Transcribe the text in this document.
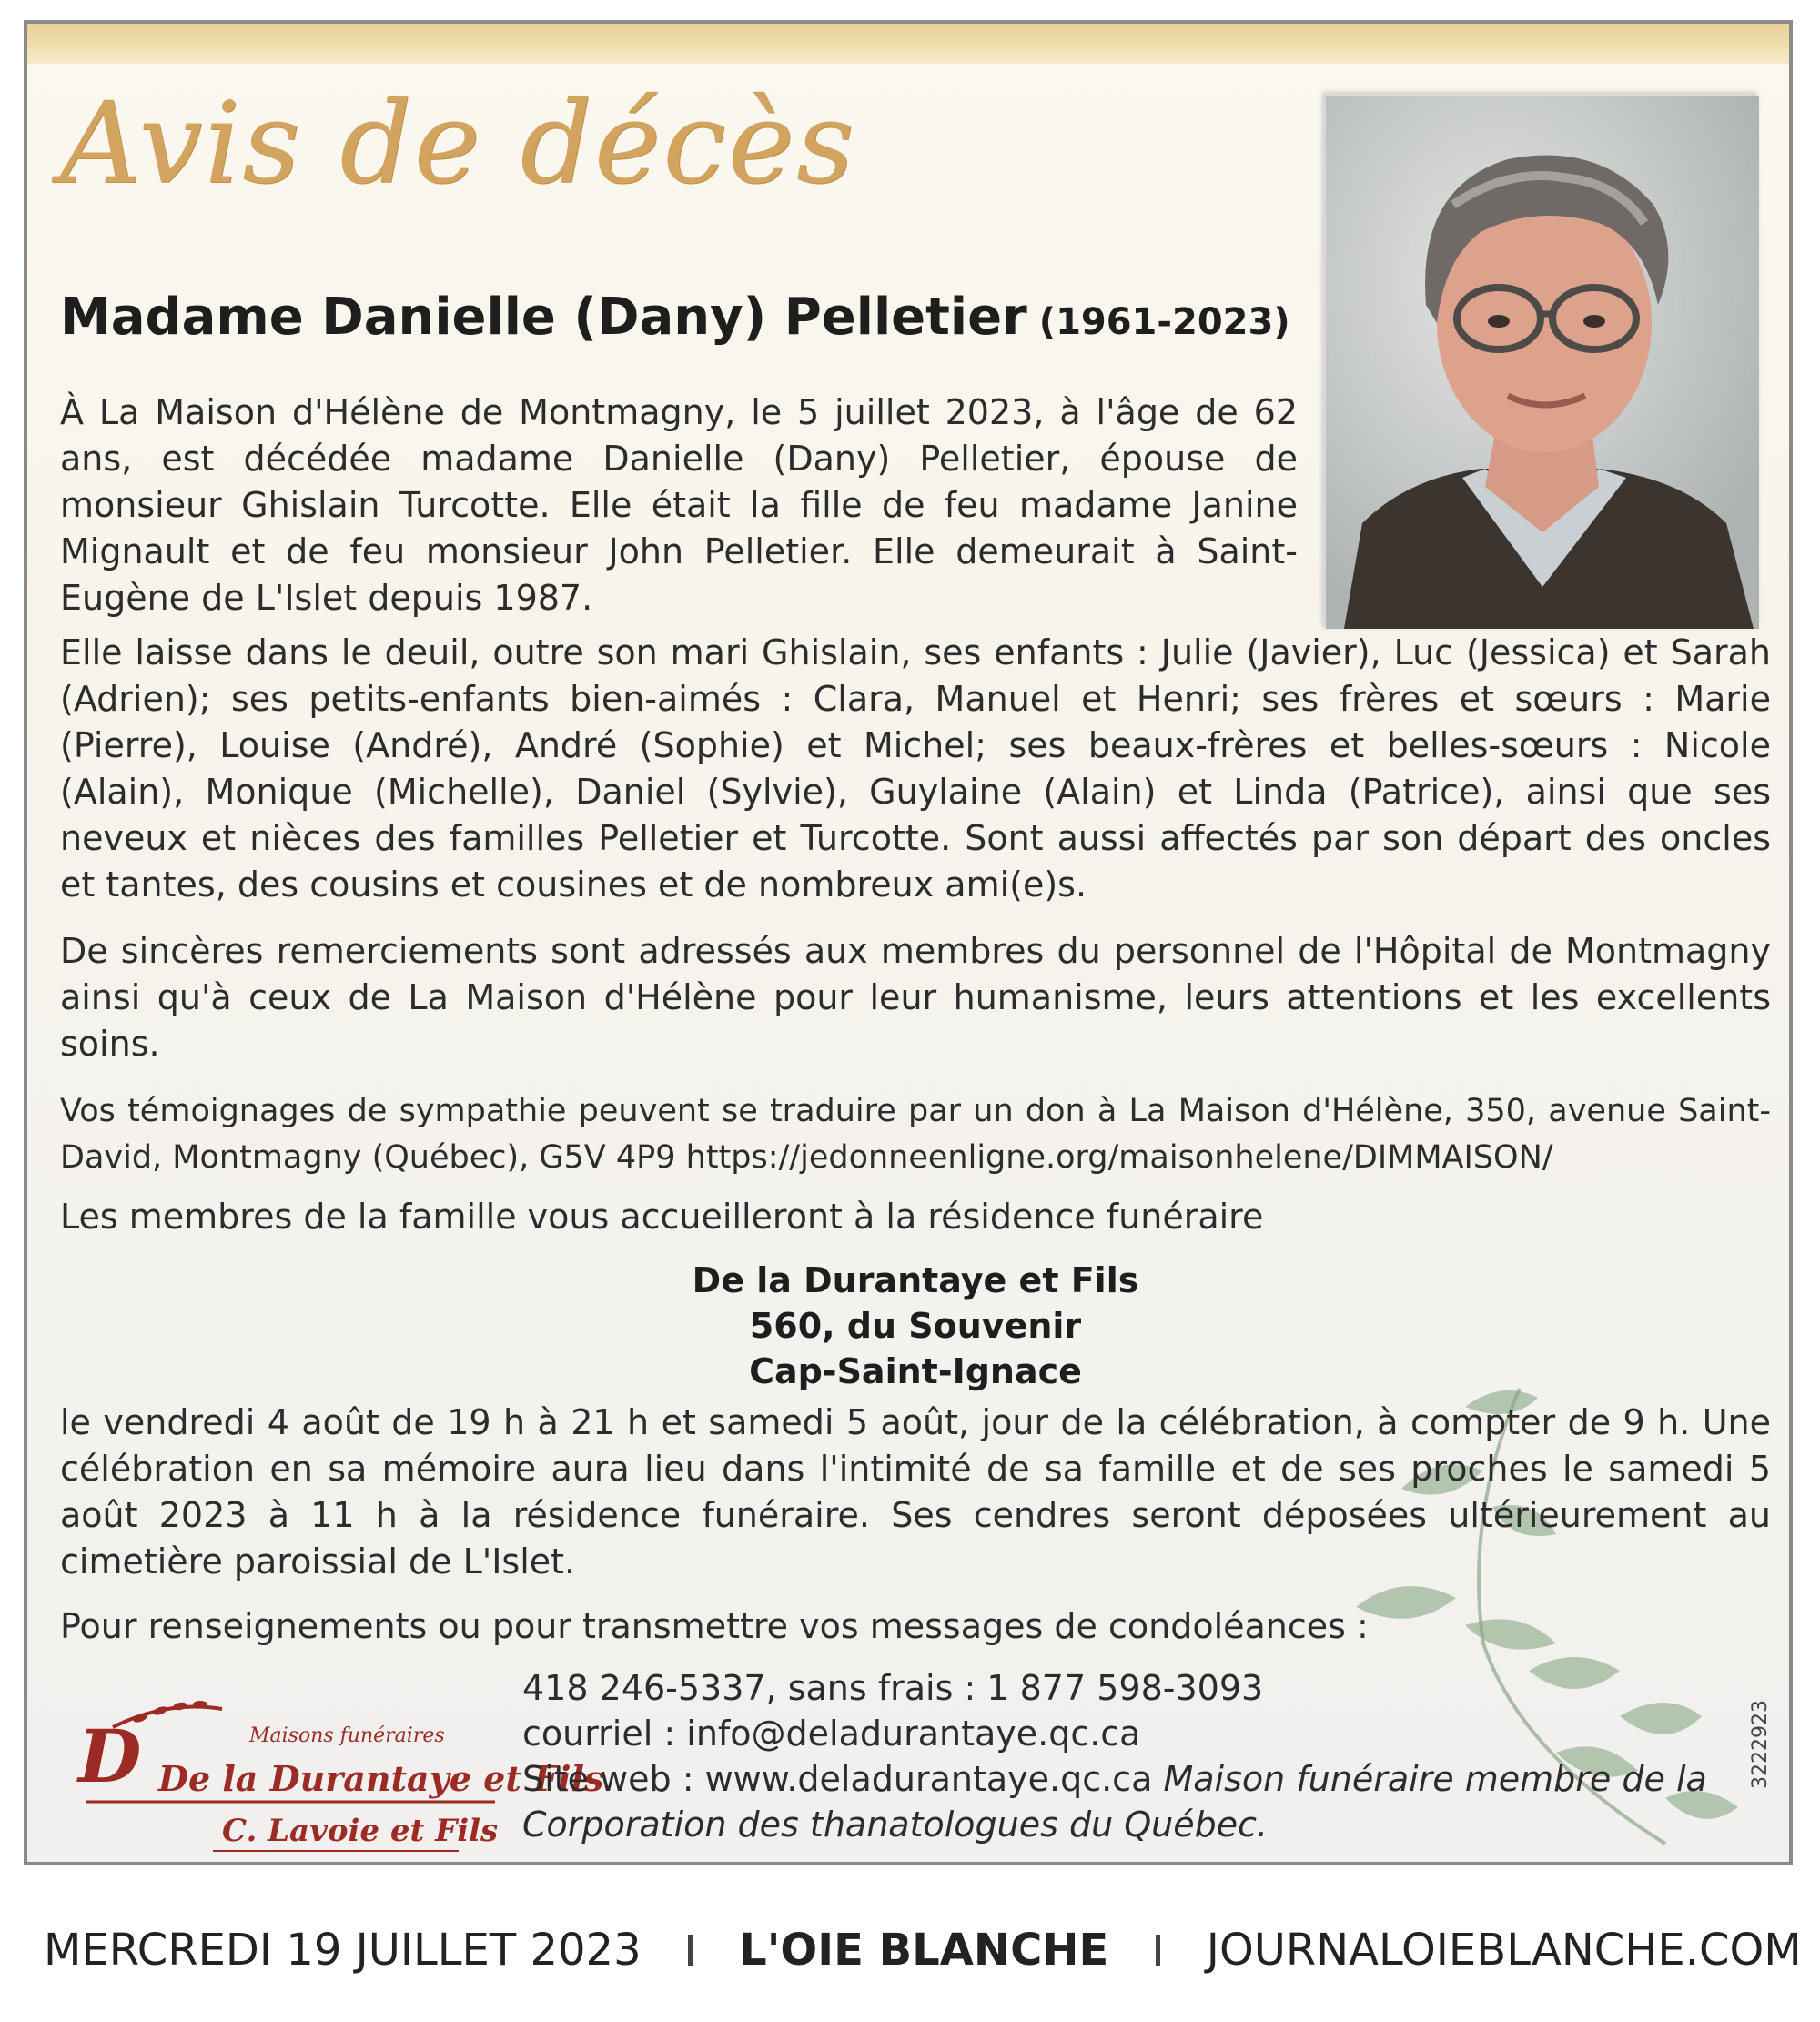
Avis de décès
Madame Danielle (Dany) Pelletier (1961-2023)

À La Maison d'Hélène de Montmagny, le 5 juillet 2023, à l'âge de 62 ans, est décédée madame Danielle (Dany) Pelletier, épouse de monsieur Ghislain Turcotte. Elle était la fille de feu madame Janine Mignault et de feu monsieur John Pelletier. Elle demeurait à Saint-Eugène de L'Islet depuis 1987.

Elle laisse dans le deuil, outre son mari Ghislain, ses enfants : Julie (Javier), Luc (Jessica) et Sarah (Adrien); ses petits-enfants bien-aimés : Clara, Manuel et Henri; ses frères et sœurs : Marie (Pierre), Louise (André), André (Sophie) et Michel; ses beaux-frères et belles-sœurs : Nicole (Alain), Monique (Michelle), Daniel (Sylvie), Guylaine (Alain) et Linda (Patrice), ainsi que ses neveux et nièces des familles Pelletier et Turcotte. Sont aussi affectés par son départ des oncles et tantes, des cousins et cousines et de nombreux ami(e)s.

De sincères remerciements sont adressés aux membres du personnel de l'Hôpital de Montmagny ainsi qu'à ceux de La Maison d'Hélène pour leur humanisme, leurs attentions et les excellents soins.

Vos témoignages de sympathie peuvent se traduire par un don à La Maison d'Hélène, 350, avenue Saint-David, Montmagny (Québec), G5V 4P9 https://jedonneenligne.org/maisonhelene/DIMMAISON/

Les membres de la famille vous accueilleront à la résidence funéraire

De la Durantaye et Fils
560, du Souvenir
Cap-Saint-Ignace

le vendredi 4 août de 19 h à 21 h et samedi 5 août, jour de la célébration, à compter de 9 h. Une célébration en sa mémoire aura lieu dans l'intimité de sa famille et de ses proches le samedi 5 août 2023 à 11 h à la résidence funéraire. Ses cendres seront déposées ultérieurement au cimetière paroissial de L'Islet.

Pour renseignements ou pour transmettre vos messages de condoléances :

D	Maisons funéraires
De la Durantaye et Fils
C. Lavoie et Fils
418 246-5337, sans frais : 1 877 598-3093
courriel : info@deladurantaye.qc.ca
Site web : www.deladurantaye.qc.ca Maison funéraire membre de la Corporation des thanatologues du Québec.
3222923
MERCREDI 19 JUILLET 2023 L'OIE BLANCHE JOURNALOIEBLANCHE.COM
